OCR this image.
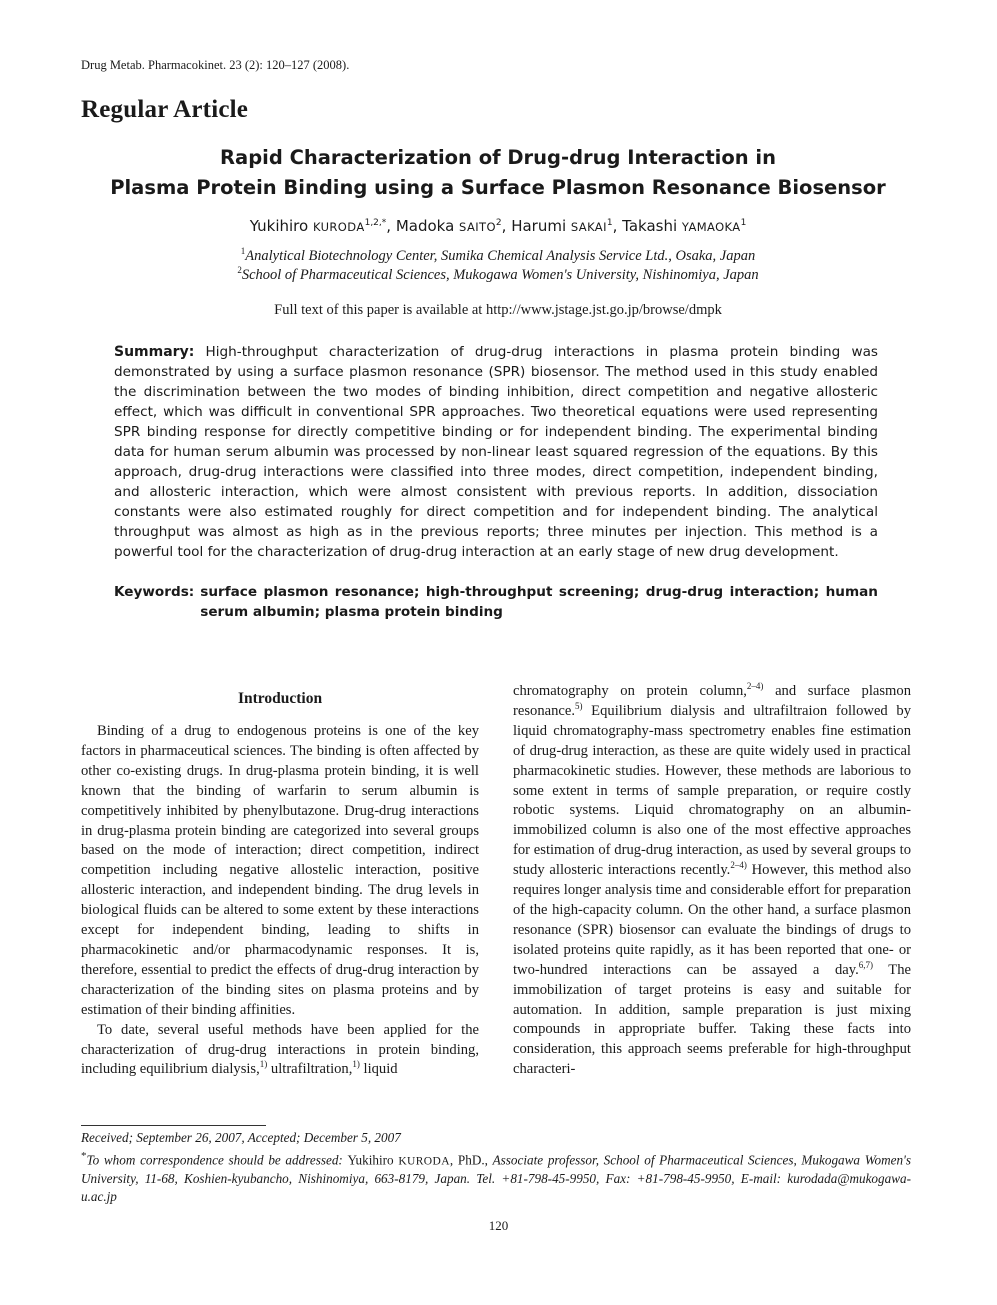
Drug Metab. Pharmacokinet. 23 (2): 120–127 (2008).
Regular Article
Rapid Characterization of Drug-drug Interaction in
Plasma Protein Binding using a Surface Plasmon Resonance Biosensor
Yukihiro $KURODA^{1,2,*}$, Madoka SAITO$^2$, Harumi SAKAI$^1$, Takashi YAMAOKA$^1$
$^1$Analytical Biotechnology Center, Sumika Chemical Analysis Service Ltd., Osaka, Japan
$^2$School of Pharmaceutical Sciences, Mukogawa Women's University, Nishinomiya, Japan
Full text of this paper is available at http://www.jstage.jst.go.jp/browse/dmpk
Summary: High-throughput characterization of drug-drug interactions in plasma protein binding was demonstrated by using a surface plasmon resonance (SPR) biosensor. The method used in this study enabled the discrimination between the two modes of binding inhibition, direct competition and negative allosteric effect, which was difficult in conventional SPR approaches. Two theoretical equations were used representing SPR binding response for directly competitive binding or for independent binding. The experimental binding data for human serum albumin was processed by non-linear least squared regression of the equations. By this approach, drug-drug interactions were classified into three modes, direct competition, independent binding, and allosteric interaction, which were almost consistent with previous reports. In addition, dissociation constants were also estimated roughly for direct competition and for independent binding. The analytical throughput was almost as high as in the previous reports; three minutes per injection. This method is a powerful tool for the characterization of drug-drug interaction at an early stage of new drug development.
Keywords: surface plasmon resonance; high-throughput screening; drug-drug interaction; human serum albumin; plasma protein binding
Introduction

Binding of a drug to endogenous proteins is one of the key factors in pharmaceutical sciences. The binding is often affected by other co-existing drugs. In drug-plasma protein binding, it is well known that the binding of warfarin to serum albumin is competitively inhibited by phenylbutazone. Drug-drug interactions in drug-plasma protein binding are categorized into several groups based on the mode of interaction; direct competition, indirect competition including negative allostelic interaction, positive allosteric interaction, and independent binding. The drug levels in biological fluids can be altered to some extent by these interactions except for independent binding, leading to shifts in pharmacokinetic and/or pharmacodynamic responses. It is, therefore, essential to predict the effects of drug-drug interaction by characterization of the binding sites on plasma proteins and by estimation of their binding affinities.

To date, several useful methods have been applied for the characterization of drug-drug interactions in protein binding, including equilibrium dialysis,$^{1)}$ ultrafiltration,$^{1)}$ liquid

chromatography on protein column,$^{2-4)}$ and surface plasmon resonance.$^{5)}$ Equilibrium dialysis and ultrafiltraion followed by liquid chromatography-mass spectrometry enables fine estimation of drug-drug interaction, as these are quite widely used in practical pharmacokinetic studies. However, these methods are laborious to some extent in terms of sample preparation, or require costly robotic systems. Liquid chromatography on an albumin-immobilized column is also one of the most effective approaches for estimation of drug-drug interaction, as used by several groups to study allosteric interactions recently.$^{2-4)}$ However, this method also requires longer analysis time and considerable effort for preparation of the high-capacity column. On the other hand, a surface plasmon resonance (SPR) biosensor can evaluate the bindings of drugs to isolated proteins quite rapidly, as it has been reported that one- or two-hundred interactions can be assayed a day.$^{6,7)}$ The immobilization of target proteins is easy and suitable for automation. In addition, sample preparation is just mixing compounds in appropriate buffer. Taking these facts into consideration, this approach seems preferable for high-throughput characteri-

Received; September 26, 2007, Accepted; December 5, 2007
*To whom correspondence should be addressed: Yukihiro KURODA, PhD., Associate professor, School of Pharmaceutical Sciences, Mukogawa Women's University, 11-68, Koshien-kyubancho, Nishinomiya, 663-8179, Japan. Tel. +81-798-45-9950, Fax: +81-798-45-9950, E-mail: kurodada@mukogawa-u.ac.jp
120
